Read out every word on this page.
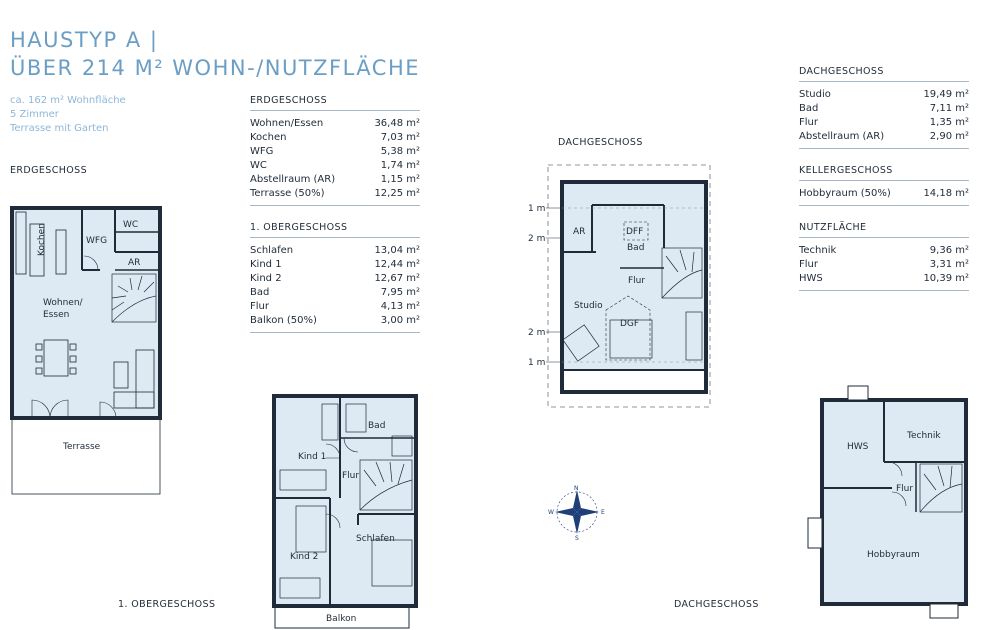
HAUSTYP A |
ÜBER 214 M² WOHN-/NUTZFLÄCHE
ca. 162 m² Wohnfläche
5 Zimmer
Terrasse mit Garten
ERDGESCHOSS
1. OBERGESCHOSS
DACHGESCHOSS
DACHGESCHOSS
ERDGESCHOSS
Wohnen/Essen	36,48 m²
Kochen	7,03 m²
WFG	5,38 m²
WC	1,74 m²
Abstellraum (AR)	1,15 m²
Terrasse (50%)	12,25 m²
1. OBERGESCHOSS
Schlafen	13,04 m²
Kind 1	12,44 m²
Kind 2	12,67 m²
Bad	7,95 m²
Flur	4,13 m²
Balkon (50%)	3,00 m²
DACHGESCHOSS
Studio	19,49 m²
Bad	7,11 m²
Flur	1,35 m²
Abstellraum (AR)	2,90 m²
KELLERGESCHOSS
Hobbyraum (50%)	14,18 m²
NUTZFLÄCHE
Technik	9,36 m²
Flur	3,31 m²
HWS	10,39 m²
Kochen	WFG
WC
AR
Wohnen/
Essen
Terrasse
Bad
Kind 1
Flur
Schlafen
Kind 2
Balkon
1 m
2 m
2 m
1 m
AR	DFF
Bad
Flur
Studio
DGF
HWS
Technik
Flur
Hobbyraum
N
S
W	E
